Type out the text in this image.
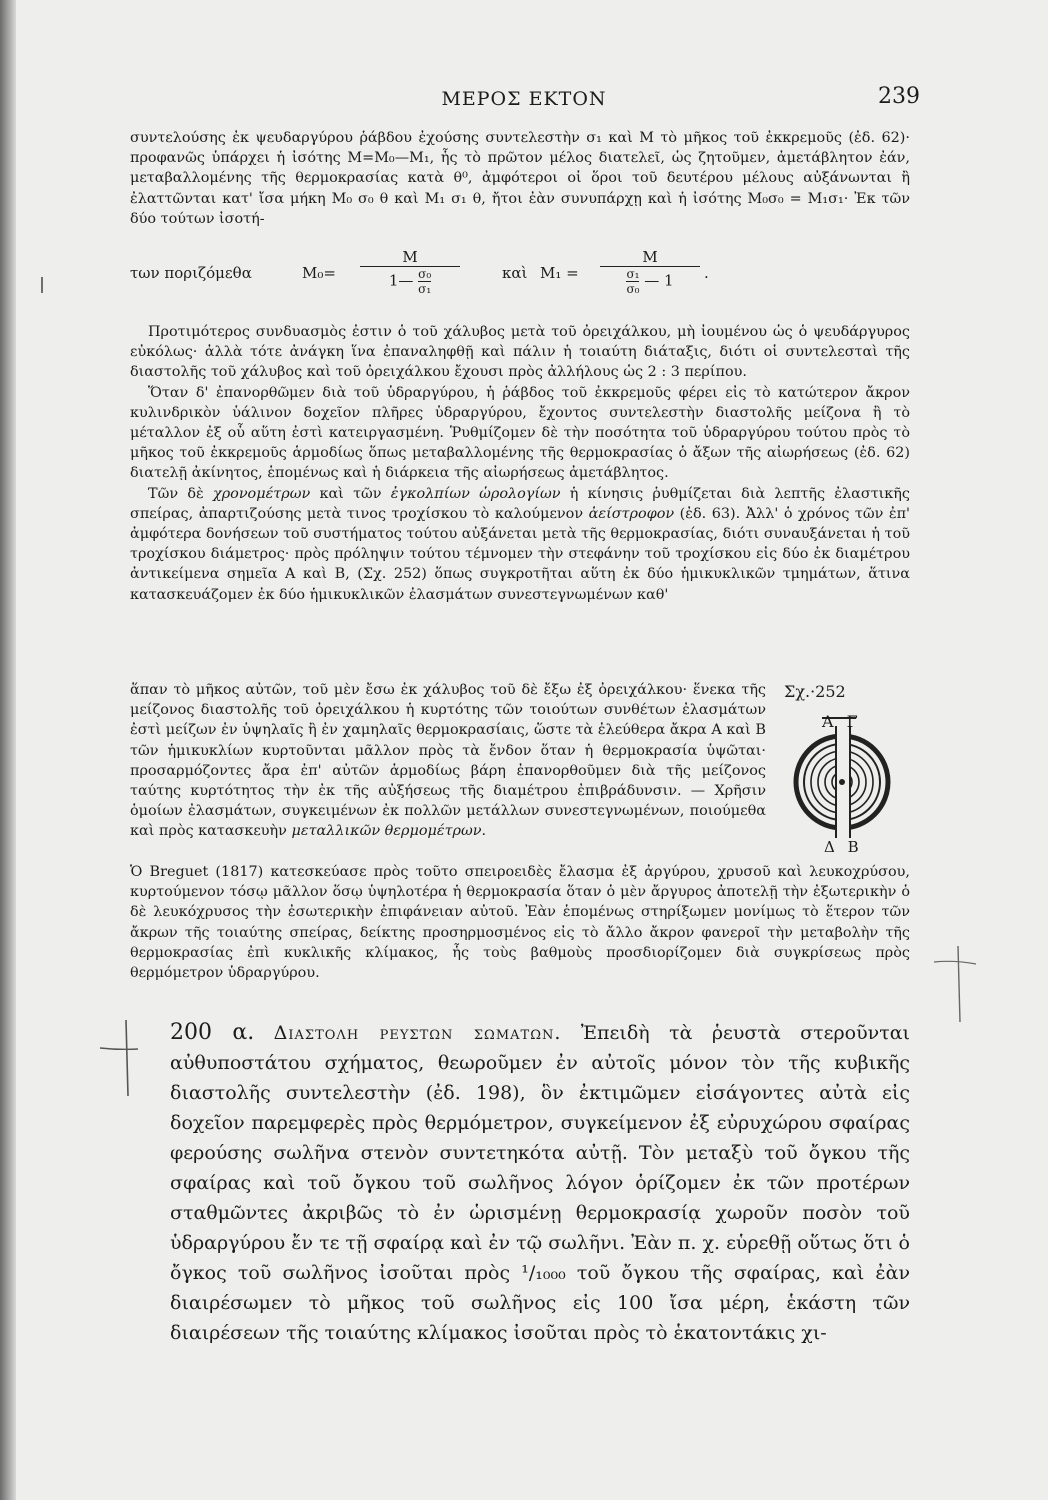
ΜΕΡΟΣ ΕΚΤΟΝ	239

συντελούσης ἐκ ψευδαργύρου ῥάβδου ἐχούσης συντελεστὴν σ₁ καὶ M τὸ μῆκος τοῦ ἐκκρεμοῦς (ἐδ. 62)· προφανῶς ὑπάρχει ἡ ἰσότης M=M₀—M₁, ἧς τὸ πρῶτον μέλος διατελεῖ, ὡς ζητοῦμεν, ἀμετάβλητον ἐάν, μεταβαλλομένης τῆς θερμοκρασίας κατὰ θ⁰, ἀμφότεροι οἱ ὅροι τοῦ δευτέρου μέλους αὐξάνωνται ἢ ἐλαττῶνται κατ' ἴσα μήκη M₀ σ₀ θ καὶ M₁ σ₁ θ, ἤτοι ἐὰν συνυπάρχῃ καὶ ἡ ἰσότης M₀σ₀ = M₁σ₁· Ἐκ τῶν δύο τούτων ἰσοτή-

των ποριζόμεθα	$M_0= \frac{M}{1— \frac{\text{σ₀}}{\text{σ₁}}}$	καὶ $M_1 = \frac{M}{\frac{\text{σ₁}}{\text{σ₀}} — 1}$ .

Προτιμότερος συνδυασμὸς ἐστιν ὁ τοῦ χάλυβος μετὰ τοῦ ὀρειχάλκου, μὴ ἰουμένου ὡς ὁ ψευδάργυρος εὐκόλως· ἀλλὰ τότε ἀνάγκη ἵνα ἐπαναληφθῇ καὶ πάλιν ἡ τοιαύτη διάταξις, διότι οἱ συντελεσταὶ τῆς διαστολῆς τοῦ χάλυβος καὶ τοῦ ὀρειχάλκου ἔχουσι πρὸς ἀλλήλους ὡς 2 : 3 περίπου.

Ὅταν δ' ἐπανορθῶμεν διὰ τοῦ ὑδραργύρου, ἡ ῥάβδος τοῦ ἐκκρεμοῦς φέρει εἰς τὸ κατώτερον ἄκρον κυλινδρικὸν ὑάλινον δοχεῖον πλῆρες ὑδραργύρου, ἔχοντος συντελεστὴν διαστολῆς μείζονα ἢ τὸ μέταλλον ἐξ οὗ αὕτη ἐστὶ κατειργασμένη. Ῥυθμίζομεν δὲ τὴν ποσότητα τοῦ ὑδραργύρου τούτου πρὸς τὸ μῆκος τοῦ ἐκκρεμοῦς ἁρμοδίως ὅπως μεταβαλλομένης τῆς θερμοκρασίας ὁ ἄξων τῆς αἰωρήσεως (ἐδ. 62) διατελῇ ἀκίνητος, ἑπομένως καὶ ἡ διάρκεια τῆς αἰωρήσεως ἀμετάβλητος.

Τῶν δὲ χρονομέτρων καὶ τῶν ἐγκολπίων ὡρολογίων ἡ κίνησις ῥυθμίζεται διὰ λεπτῆς ἐλαστικῆς σπείρας, ἀπαρτιζούσης μετὰ τινος τροχίσκου τὸ καλούμενον ἀείστροφον (ἐδ. 63). Ἀλλ' ὁ χρόνος τῶν ἐπ' ἀμφότερα δονήσεων τοῦ συστήματος τούτου αὐξάνεται μετὰ τῆς θερμοκρασίας, διότι συναυξάνεται ἡ τοῦ τροχίσκου διάμετρος· πρὸς πρόληψιν τούτου τέμνομεν τὴν στεφάνην τοῦ τροχίσκου εἰς δύο ἐκ διαμέτρου ἀντικείμενα σημεῖα Α καὶ Β, (Σχ. 252) ὅπως συγκροτῆται αὕτη ἐκ δύο ἡμικυκλικῶν τμημάτων, ἅτινα κατασκευάζομεν ἐκ δύο ἡμικυκλικῶν ἐλασμάτων συνεστεγνωμένων καθ'

ἅπαν τὸ μῆκος αὐτῶν, τοῦ μὲν ἔσω ἐκ χάλυβος τοῦ δὲ ἔξω ἐξ ὀρειχάλκου· ἕνεκα τῆς μείζονος διαστολῆς τοῦ ὀρειχάλκου ἡ κυρτότης τῶν τοιούτων συνθέτων ἐλασμάτων ἐστὶ μείζων ἐν ὑψηλαῖς ἢ ἐν χαμηλαῖς θερμοκρασίαις, ὥστε τὰ ἐλεύθερα ἄκρα Α καὶ Β τῶν ἡμικυκλίων κυρτοῦνται μᾶλλον πρὸς τὰ ἔνδον ὅταν ἡ θερμοκρασία ὑψῶται· προσαρμόζοντες ἄρα ἐπ' αὐτῶν ἁρμοδίως βάρη ἐπανορθοῦμεν διὰ τῆς μείζονος ταύτης κυρτότητος τὴν ἐκ τῆς αὐξήσεως τῆς διαμέτρου ἐπιβράδυνσιν. — Χρῆσιν ὁμοίων ἐλασμάτων, συγκειμένων ἐκ πολλῶν μετάλλων συνεστεγνωμένων, ποιούμεθα καὶ πρὸς κατασκευὴν μεταλλικῶν θερμομέτρων.

Ὁ Breguet (1817) κατεσκεύασε πρὸς τοῦτο σπειροειδὲς ἔλασμα ἐξ ἀργύρου, χρυσοῦ καὶ λευκοχρύσου, κυρτούμενον τόσῳ μᾶλλον ὅσῳ ὑψηλοτέρα ἡ θερμοκρασία ὅταν ὁ μὲν ἄργυρος ἀποτελῇ τὴν ἐξωτερικὴν ὁ δὲ λευκόχρυσος τὴν ἐσωτερικὴν ἐπιφάνειαν αὐτοῦ. Ἐὰν ἑπομένως στηρίξωμεν μονίμως τὸ ἕτερον τῶν ἄκρων τῆς τοιαύτης σπείρας, δείκτης προσηρμοσμένος εἰς τὸ ἄλλο ἄκρον φανεροῖ τὴν μεταβολὴν τῆς θερμοκρασίας ἐπὶ κυκλικῆς κλίμακος, ἧς τοὺς βαθμοὺς προσδιορίζομεν διὰ συγκρίσεως πρὸς θερμόμετρον ὑδραργύρου.

Σχ.·252
Α Γ
Δ Β

200 α. Διαστολη ρευστων σωματων. Ἐπειδὴ τὰ ῥευστὰ στεροῦνται αὐθυποστάτου σχήματος, θεωροῦμεν ἐν αὐτοῖς μόνον τὸν τῆς κυβικῆς διαστολῆς συντελεστὴν (ἐδ. 198), ὃν ἐκτιμῶμεν εἰσάγοντες αὐτὰ εἰς δοχεῖον παρεμφερὲς πρὸς θερμόμετρον, συγκείμενον ἐξ εὐρυχώρου σφαίρας φερούσης σωλῆνα στενὸν συντετηκότα αὐτῇ. Τὸν μεταξὺ τοῦ ὄγκου τῆς σφαίρας καὶ τοῦ ὄγκου τοῦ σωλῆνος λόγον ὁρίζομεν ἐκ τῶν προτέρων σταθμῶντες ἀκριβῶς τὸ ἐν ὡρισμένῃ θερμοκρασίᾳ χωροῦν ποσὸν τοῦ ὑδραργύρου ἔν τε τῇ σφαίρᾳ καὶ ἐν τῷ σωλῆνι. Ἐὰν π. χ. εὑρεθῇ οὕτως ὅτι ὁ ὄγκος τοῦ σωλῆνος ἰσοῦται πρὸς ¹/₁₀₀₀ τοῦ ὄγκου τῆς σφαίρας, καὶ ἐὰν διαιρέσωμεν τὸ μῆκος τοῦ σωλῆνος εἰς 100 ἴσα μέρη, ἑκάστη τῶν διαιρέσεων τῆς τοιαύτης κλίμακος ἰσοῦται πρὸς τὸ ἑκατοντάκις χι-
